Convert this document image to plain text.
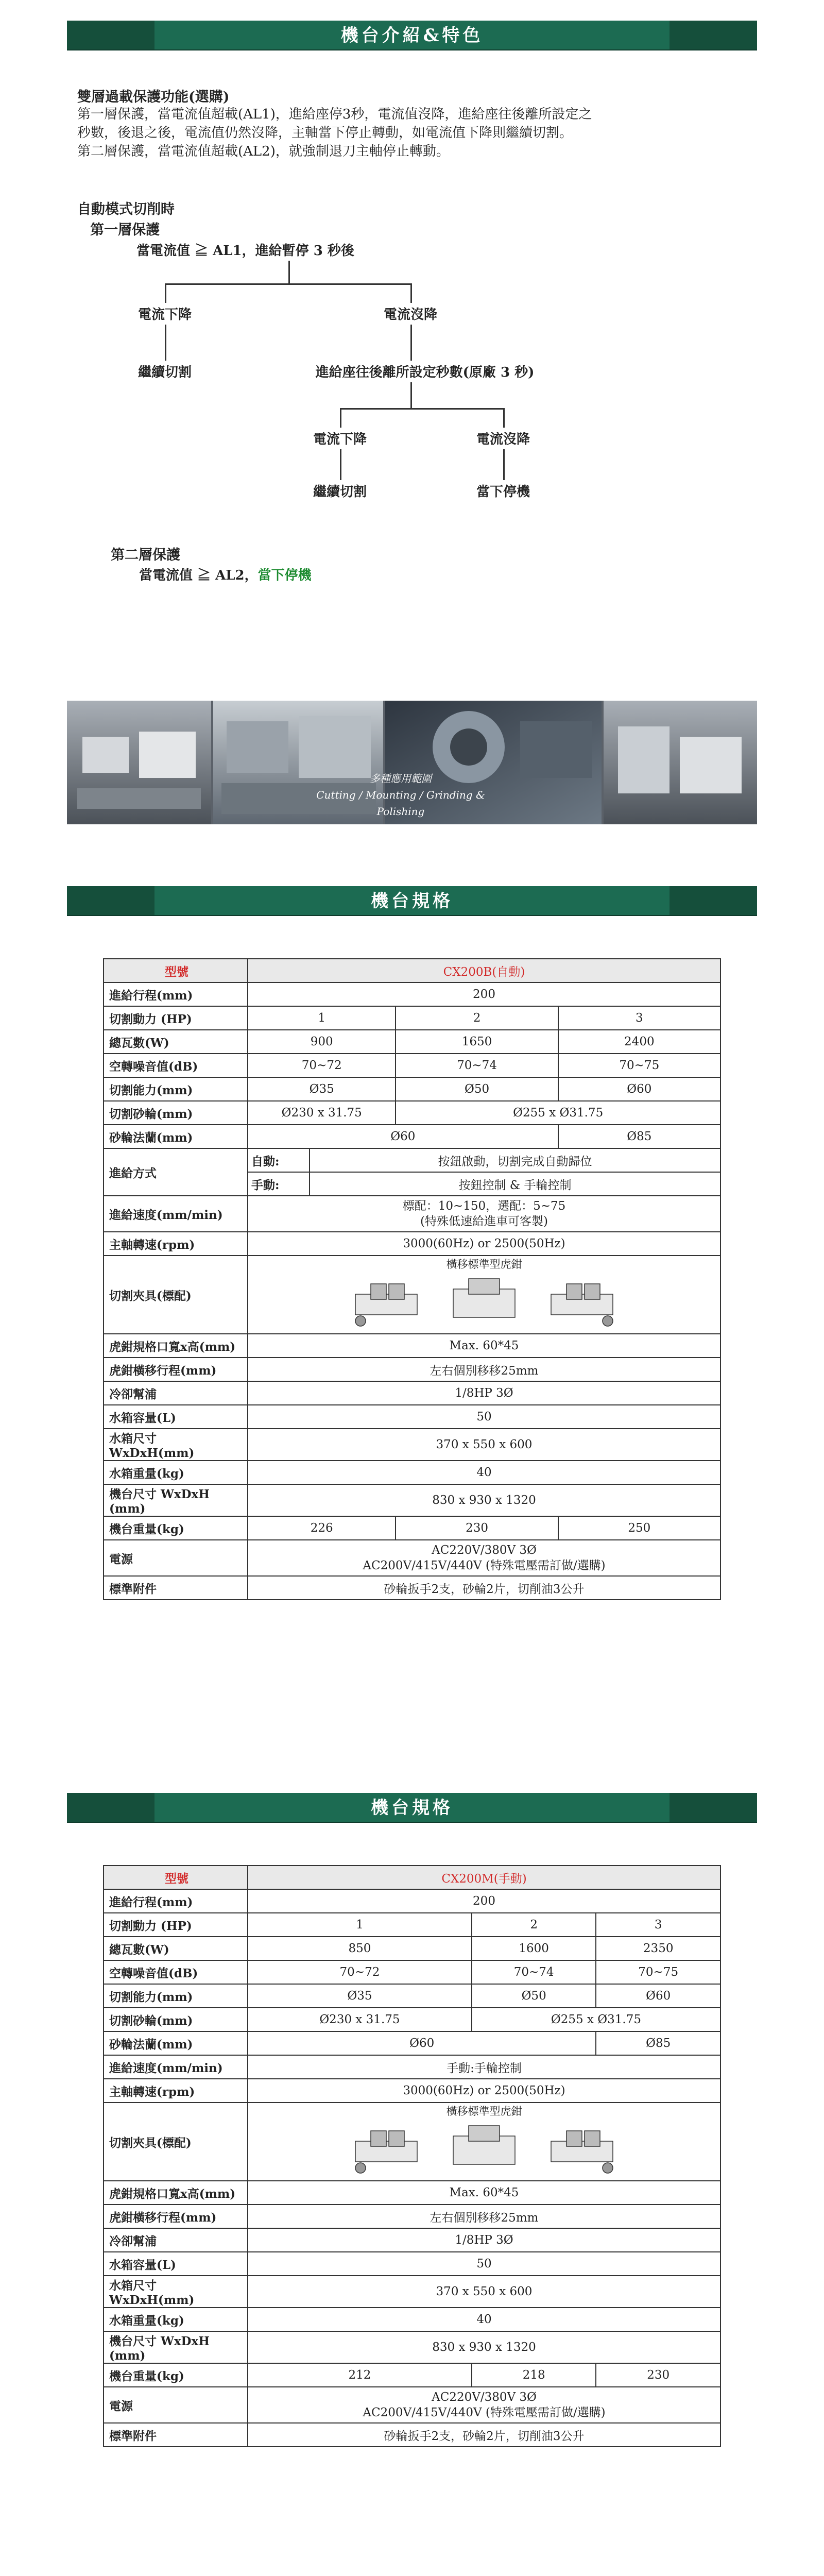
機台介紹&特色
雙層過載保護功能(選購)
第一層保護，當電流值超載(AL1)，進給座停3秒，電流值沒降，進給座往後離所設定之
秒數，後退之後，電流值仍然沒降，主軸當下停止轉動，如電流值下降則繼續切割。
第二層保護，當電流值超載(AL2)，就強制退刀主軸停止轉動。
自動模式切削時
第一層保護
當電流值 ≧ AL1，進給暫停 3 秒後
電流下降	電流沒降
繼續切割	進給座往後離所設定秒數(原廠 3 秒)
電流下降	電流沒降
繼續切割	當下停機
第二層保護
當電流值 ≧ AL2，當下停機
多種應用範圍
Cutting / Mounting / Grinding & Polishing
機台規格
型號	CX200B(自動)			
進給行程(mm)	200			
切割動力 (HP)	1		2	3
總瓦數(W)	900		1650	2400
空轉噪音值(dB)	70~72		70~74	70~75
切割能力(mm)	Ø35		Ø50	Ø60
切割砂輪(mm)	Ø230 x 31.75		Ø255 x Ø31.75	
砂輪法蘭(mm)	Ø60			Ø85
進給方式	自動:	按鈕啟動，切割完成自動歸位		
	手動:	按鈕控制 & 手輪控制		
進給速度(mm/min)	標配：10~150，選配：5~75
(特殊低速給進車可客製)			

主軸轉速(rpm)	3000(60Hz) or 2500(50Hz)			
切割夾具(標配)	橫移標準型虎鉗			

虎鉗規格口寬x高(mm)	Max. 60*45			
虎鉗橫移行程(mm)	左右個別移移25mm			
冷卻幫浦	1/8HP 3Ø			
水箱容量(L)	50			
水箱尺寸 WxDxH(mm)	370 x 550 x 600			
水箱重量(kg)	40			
機台尺寸 WxDxH (mm)	830 x 930 x 1320			
機台重量(kg)	226		230	250
電源	AC220V/380V 3Ø
AC200V/415V/440V (特殊電壓需訂做/選購)			

標準附件	砂輪扳手2支，砂輪2片，切削油3公升			
機台規格
型號	CX200M(手動)		
進給行程(mm)	200		
切割動力 (HP)	1	2	3
總瓦數(W)	850	1600	2350
空轉噪音值(dB)	70~72	70~74	70~75
切割能力(mm)	Ø35	Ø50	Ø60
切割砂輪(mm)	Ø230 x 31.75	Ø255 x Ø31.75	
砂輪法蘭(mm)	Ø60		Ø85
進給速度(mm/min)	手動:手輪控制		
主軸轉速(rpm)	3000(60Hz) or 2500(50Hz)		
切割夾具(標配)	橫移標準型虎鉗		

虎鉗規格口寬x高(mm)	Max. 60*45		
虎鉗橫移行程(mm)	左右個別移移25mm		
冷卻幫浦	1/8HP 3Ø		
水箱容量(L)	50		
水箱尺寸 WxDxH(mm)	370 x 550 x 600		
水箱重量(kg)	40		
機台尺寸 WxDxH (mm)	830 x 930 x 1320		
機台重量(kg)	212	218	230
電源	AC220V/380V 3Ø
AC200V/415V/440V (特殊電壓需訂做/選購)		

標準附件	砂輪扳手2支，砂輪2片，切削油3公升		
